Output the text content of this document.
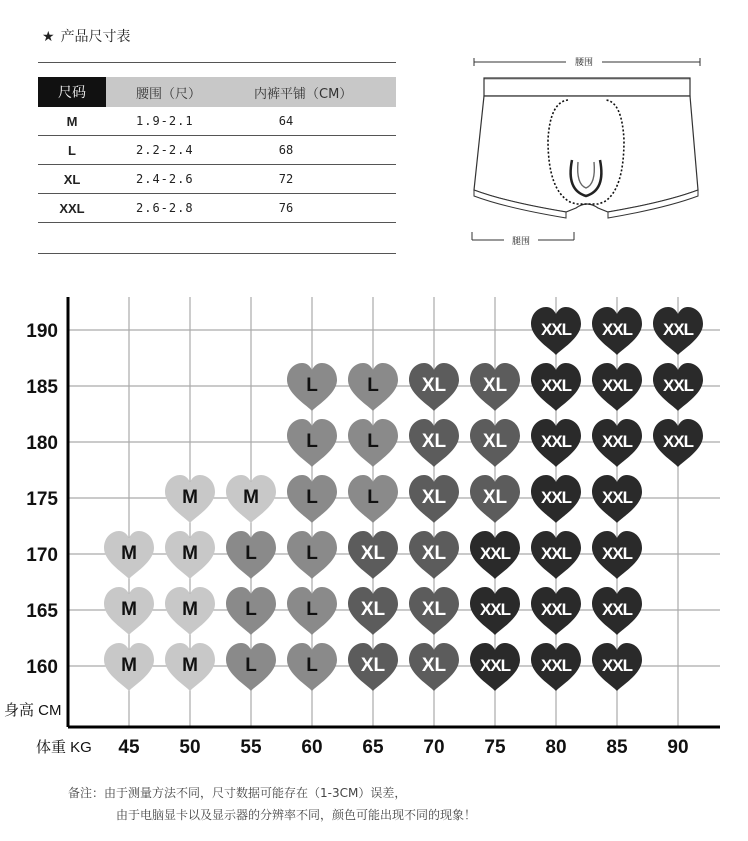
★ 产品尺寸表
尺码	腰围（尺）	内裤平铺（CM）
M	1.9-2.1	64
L	2.2-2.4	68
XL	2.4-2.6	72
XXL	2.6-2.8	76
腰围
腿围
190
185
180
175
170
165
160
45 50 55 60 65 70 75 80 85 90
XXL XXL XXL
L	L XL XL XXL XXL XXL
L	L XL XL XXL XXL XXL
M M L	L XL XL XXL XXL
M M L	L XL XL XXL XXL XXL
M M L	L XL XL XXL XXL XXL
M M L	L XL XL XXL XXL XXL
身高 CM
体重 KG
备注：由于测量方法不同，尺寸数据可能存在（1-3CM）误差，
由于电脑显卡以及显示器的分辨率不同，颜色可能出现不同的现象！
